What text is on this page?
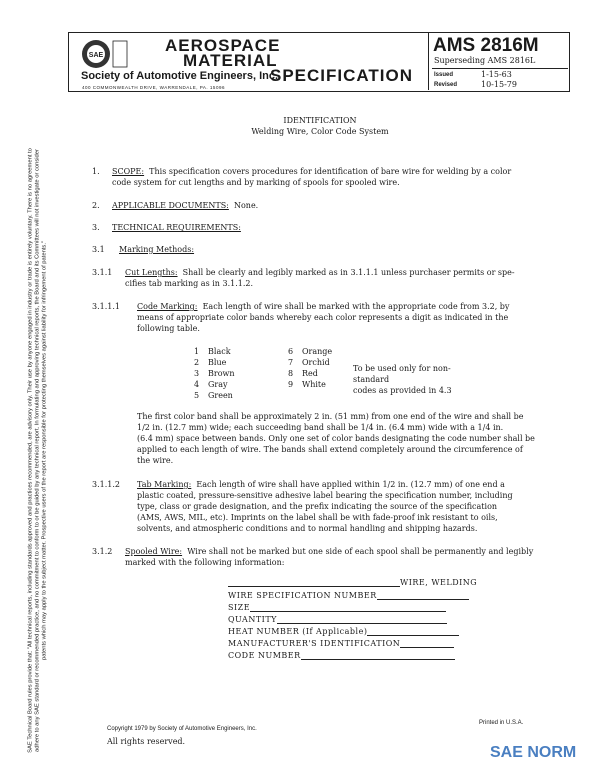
SAE
AEROSPACE
MATERIAL
SPECIFICATION
Society of Automotive Engineers, Inc.
400 COMMONWEALTH DRIVE, WARRENDALE, PA. 15096
AMS 2816M
Superseding AMS 2816L
Issued	1-15-63
Revised	10-15-79
SAE Technical Board rules provide that: "All technical reports, including standards approved and practices recommended, are advisory only. Their use by anyone engaged in industry or trade is entirely voluntary. There is no agreement to adhere to any SAE standard or recommended practice, and no commitment to conform to or be guided by any technical report. In formulating and approving technical reports, the Board and its Committees will not investigate or consider patents which may apply to the subject matter. Prospective users of the report are responsible for protecting themselves against liability for infringement of patents."
IDENTIFICATION
Welding Wire, Color Code System
1. SCOPE: This specification covers procedures for identification of bare wire for welding by a color
code system for cut lengths and by marking of spools for spooled wire.
2. APPLICABLE DOCUMENTS: None.
3. TECHNICAL REQUIREMENTS:
3.1 Marking Methods:
3.1.1 Cut Lengths: Shall be clearly and legibly marked as in 3.1.1.1 unless purchaser permits or spe-
cifies tab marking as in 3.1.1.2.
3.1.1.1 Code Marking: Each length of wire shall be marked with the appropriate code from 3.2, by
means of appropriate color bands whereby each color represents a digit as indicated in the
following table.
1 Black	6 Orange
2 Blue	7 Orchid
3 Brown	8 Red
4 Gray	9 White
5 Green
To be used only for non-standard
codes as provided in 4.3
The first color band shall be approximately 2 in. (51 mm) from one end of the wire and shall be
1/2 in. (12.7 mm) wide; each succeeding band shall be 1/4 in. (6.4 mm) wide with a 1/4 in.
(6.4 mm) space between bands. Only one set of color bands designating the code number shall be
applied to each length of wire. The bands shall extend completely around the circumference of
the wire.
3.1.1.2 Tab Marking: Each length of wire shall have applied within 1/2 in. (12.7 mm) of one end a
plastic coated, pressure-sensitive adhesive label bearing the specification number, including
type, class or grade designation, and the prefix indicating the source of the specification
(AMS, AWS, MIL, etc). Imprints on the label shall be with fade-proof ink resistant to oils,
solvents, and atmospheric conditions and to normal handling and shipping hazards.
3.1.2 Spooled Wire: Wire shall not be marked but one side of each spool shall be permanently and legibly
marked with the following information:
WIRE, WELDING
WIRE SPECIFICATION NUMBER
SIZE
QUANTITY
HEAT NUMBER (If Applicable)
MANUFACTURER'S IDENTIFICATION
CODE NUMBER
Copyright 1979 by Society of Automotive Engineers, Inc.
All rights reserved.
Printed in U.S.A.
SAE NORM
